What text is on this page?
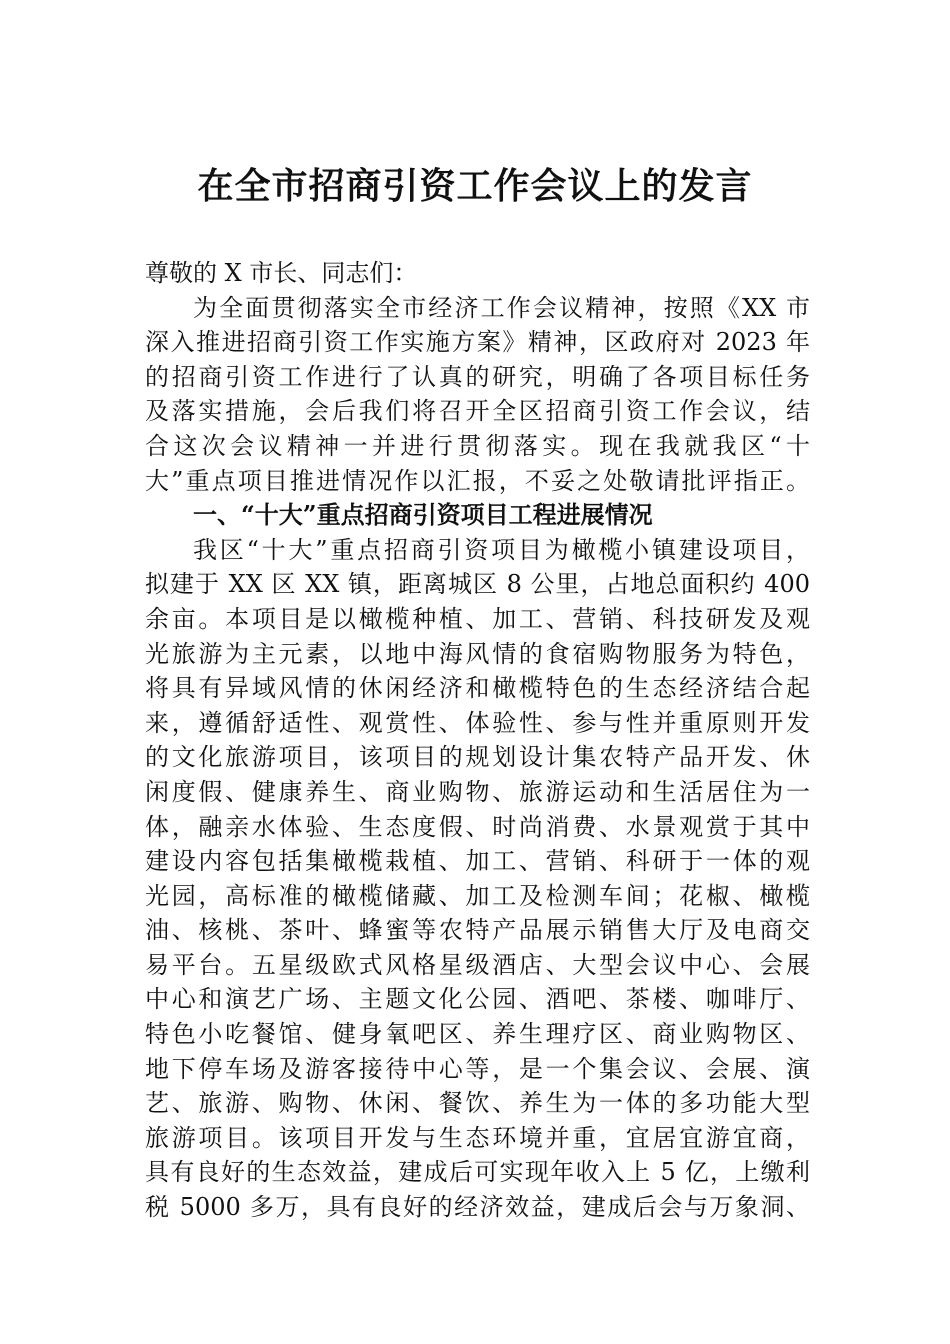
在全市招商引资工作会议上的发言
尊敬的 X 市长、同志们：
为全面贯彻落实全市经济工作会议精神，按照《XX 市
深入推进招商引资工作实施方案》精神，区政府对 2023 年
的招商引资工作进行了认真的研究，明确了各项目标任务
及落实措施，会后我们将召开全区招商引资工作会议，结
合这次会议精神一并进行贯彻落实。现在我就我区“十
大”重点项目推进情况作以汇报，不妥之处敬请批评指正。
一、“十大”重点招商引资项目工程进展情况
我区“十大”重点招商引资项目为橄榄小镇建设项目，
拟建于 XX 区 XX 镇，距离城区 8 公里，占地总面积约 400
余亩。本项目是以橄榄种植、加工、营销、科技研发及观
光旅游为主元素，以地中海风情的食宿购物服务为特色，
将具有异域风情的休闲经济和橄榄特色的生态经济结合起
来，遵循舒适性、观赏性、体验性、参与性并重原则开发
的文化旅游项目，该项目的规划设计集农特产品开发、休
闲度假、健康养生、商业购物、旅游运动和生活居住为一
体，融亲水体验、生态度假、时尚消费、水景观赏于其中
建设内容包括集橄榄栽植、加工、营销、科研于一体的观
光园，高标准的橄榄储藏、加工及检测车间；花椒、橄榄
油、核桃、茶叶、蜂蜜等农特产品展示销售大厅及电商交
易平台。五星级欧式风格星级酒店、大型会议中心、会展
中心和演艺广场、主题文化公园、酒吧、茶楼、咖啡厅、
特色小吃餐馆、健身氧吧区、养生理疗区、商业购物区、
地下停车场及游客接待中心等，是一个集会议、会展、演
艺、旅游、购物、休闲、餐饮、养生为一体的多功能大型
旅游项目。该项目开发与生态环境并重，宜居宜游宜商，
具有良好的生态效益，建成后可实现年收入上 5 亿，上缴利
税 5000 多万，具有良好的经济效益，建成后会与万象洞、
